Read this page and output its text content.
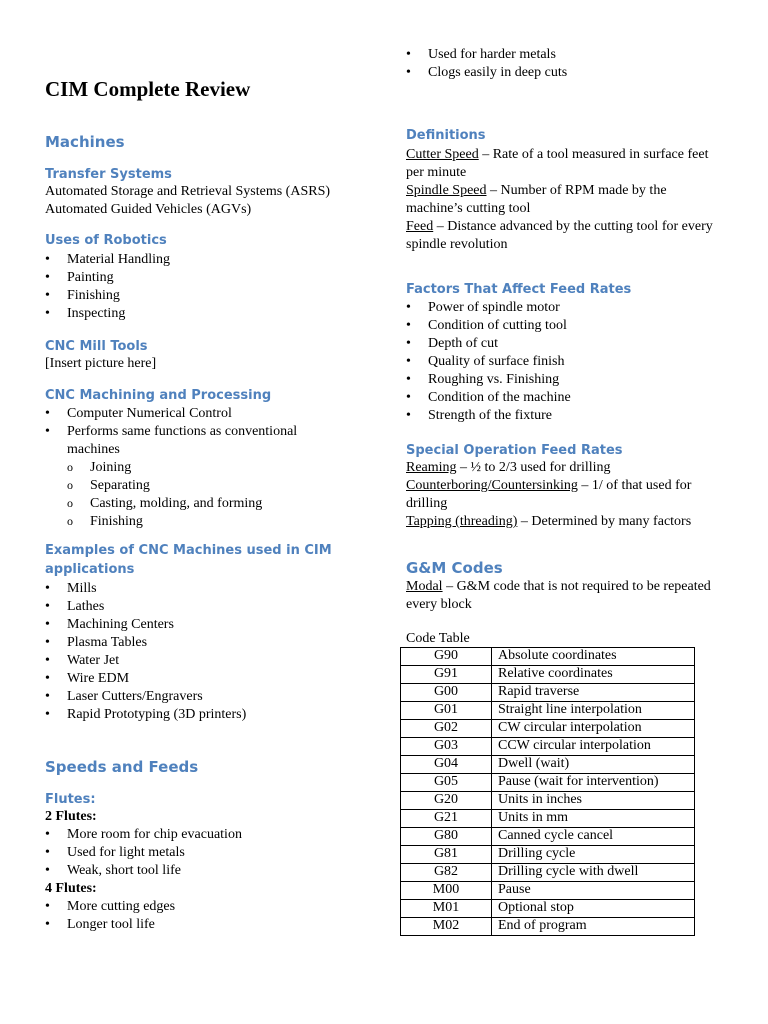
CIM Complete Review
Machines
Transfer Systems

Automated Storage and Retrieval Systems (ASRS)

Automated Guided Vehicles (AGVs)

Uses of Robotics
• Material Handling
• Painting
• Finishing
• Inspecting
CNC Mill Tools

[Insert picture here]

CNC Machining and Processing
• Computer Numerical Control
• Performs same functions as conventional machines
o Joining
o Separating
o Casting, molding, and forming
o Finishing
Examples of CNC Machines used in CIM applications
• Mills
• Lathes
• Machining Centers
• Plasma Tables
• Water Jet
• Wire EDM
• Laser Cutters/Engravers
• Rapid Prototyping (3D printers)
Speeds and Feeds
Flutes:

2 Flutes:

• More room for chip evacuation
• Used for light metals
• Weak, short tool life

4 Flutes:

• More cutting edges
• Longer tool life
• Used for harder metals
• Clogs easily in deep cuts
Definitions

Cutter Speed – Rate of a tool measured in surface feet per minute

Spindle Speed – Number of RPM made by the machine’s cutting tool

Feed – Distance advanced by the cutting tool for every spindle revolution

Factors That Affect Feed Rates
• Power of spindle motor
• Condition of cutting tool
• Depth of cut
• Quality of surface finish
• Roughing vs. Finishing
• Condition of the machine
• Strength of the fixture
Special Operation Feed Rates

Reaming – ½ to 2/3 used for drilling

Counterboring/Countersinking – 1/ of that used for drilling

Tapping (threading) – Determined by many factors

G&M Codes

Modal – G&M code that is not required to be repeated every block

Code Table
G90	Absolute coordinates
G91	Relative coordinates
G00	Rapid traverse
G01	Straight line interpolation
G02	CW circular interpolation
G03	CCW circular interpolation
G04	Dwell (wait)
G05	Pause (wait for intervention)
G20	Units in inches
G21	Units in mm
G80	Canned cycle cancel
G81	Drilling cycle
G82	Drilling cycle with dwell
M00	Pause
M01	Optional stop
M02	End of program
